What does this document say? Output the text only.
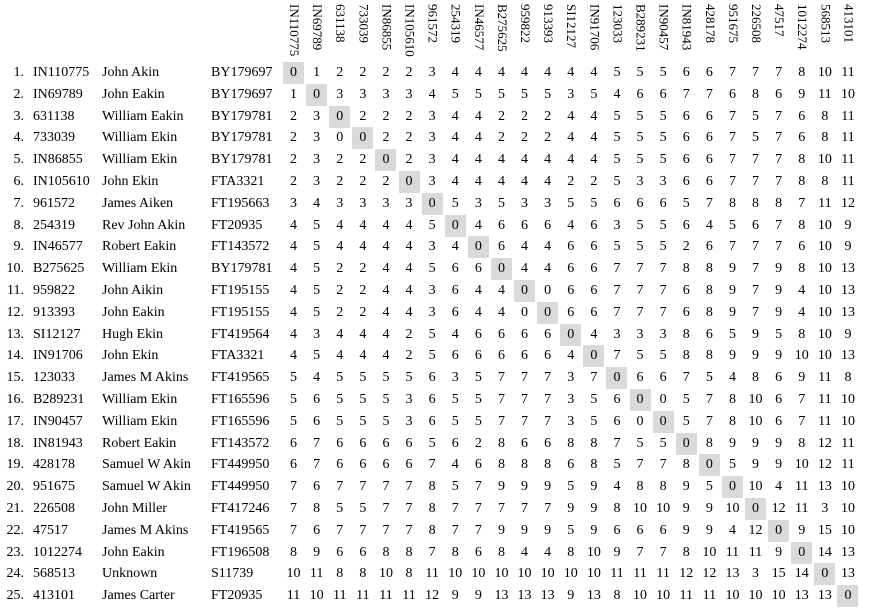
IN110775 IN69789 631138 733039 IN86855 IN105610 961572 254319 IN46577 B275625 959822 913393 SI12127 IN91706 123033 B289231 IN90457 IN81943 428178 951675 226508 47517 1012274 568513 413101
1. IN110775 John Akin	BY179697	0	1	2	2	2	2	3	4	4	4	4	4	4	4	5	5	5	6	6	7	7	7	8 10 11
2. IN69789 John Eakin	BY179697	1	0	3	3	3	3	4	5	5	5	5	5	3	5	4	6	6	7	7	6	8	6	9 11 10
3. 631138 William Eakin BY179781	2	3	0	2	2	2	3	4	4	2	2	2	4	4	5	5	5	6	6	7	5	7	6	8 11
4. 733039 William Ekin BY179781	2	3	0	0	2	2	3	4	4	2	2	2	4	4	5	5	5	6	6	7	5	7	6	8 11
5. IN86855 William Ekin BY179781	2	3	2	2	0	2	3	4	4	4	4	4	4	4	5	5	5	6	6	7	7	7	8 10 11
6. IN105610 John Ekin	FTA3321	2	3	2	2	2	0	3	4	4	4	4	4	2	2	5	3	3	6	6	7	7	7	8	8 11
7. 961572 James Aiken	FT195663	3	4	3	3	3	3	0	5	3	5	3	3	5	5	6	6	6	5	7	8	8	8	7 11 12
8. 254319 Rev John Akin FT20935	4	5	4	4	4	4	5	0	4	6	6	6	4	6	3	5	5	6	4	5	6	7	8 10 9
9. IN46577 Robert Eakin FT143572	4	5	4	4	4	4	3	4	0	6	4	4	6	6	5	5	5	2	6	7	7	7	6 10 9
10. B275625 William Ekin BY179781	4	5	2	2	4	4	5	6	6	0	4	4	6	6	7	7	7	8	8	9	7	9	8 10 13
11. 959822 John Aikin	FT195155	4	5	2	2	4	4	3	6	4	4	0	0	6	6	7	7	7	6	8	9	7	9	4 10 13
12. 913393 John Eakin	FT195155	4	5	2	2	4	4	3	6	4	4	0	0	6	6	7	7	7	6	8	9	7	9	4 10 13
13. SI12127 Hugh Ekin	FT419564	4	3	4	4	4	2	5	4	6	6	6	6	0	4	3	3	3	8	6	5	9	5	8 10 9
14. IN91706 John Ekin	FTA3321	4	5	4	4	4	2	5	6	6	6	6	6	4	0	7	5	5	8	8	9	9	9 10 10 13
15. 123033 James M Akins FT419565	5	4	5	5	5	5	6	3	5	7	7	7	3	7	0	6	6	7	5	4	8	6	9 11 8
16. B289231 William Ekin FT165596	5	6	5	5	5	3	6	5	5	7	7	7	3	5	6	0	0	5	7	8 10 6	7 11 10
17. IN90457 William Ekin FT165596	5	6	5	5	5	3	6	5	5	7	7	7	3	5	6	0	0	5	7	8 10 6	7 11 10
18. IN81943 Robert Eakin FT143572	6	7	6	6	6	6	5	6	2	8	6	6	8	8	7	5	5	0	8	9	9	9	8 12 11
19. 428178 Samuel W Akin FT449950	6	7	6	6	6	6	7	4	6	8	8	8	6	8	5	7	7	8	0	5	9	9 10 12 11
20. 951675 Samuel W Akin FT449950	7	6	7	7	7	7	8	5	7	9	9	9	5	9	4	8	8	9	5	0 10 4 11 13 10
21. 226508 John Miller	FT417246	7	8	5	5	7	7	8	7	7	7	7	7	9	9	8 10 10 9	9 10 0 12 11 3 10
22. 47517 James M Akins FT419565	7	6	7	7	7	7	8	7	7	9	9	9	5	9	6	6	6	9	9	4 12 0	9 15 10
23. 1012274 John Eakin	FT196508	8	9	6	6	8	8	7	8	6	8	4	4	8 10 9	7	7	8 10 11 11 9	0 14 13
24. 568513 Unknown	S11739 10 11 8	8 10 8 11 10 10 10 10 10 10 10 11 11 11 12 12 13 3 15 14 0 13
25. 413101 James Carter	FT20935 11 10 11 11 11 11 12 9	9 13 13 13 9 13 8 10 10 11 11 10 10 10 13 13 0
